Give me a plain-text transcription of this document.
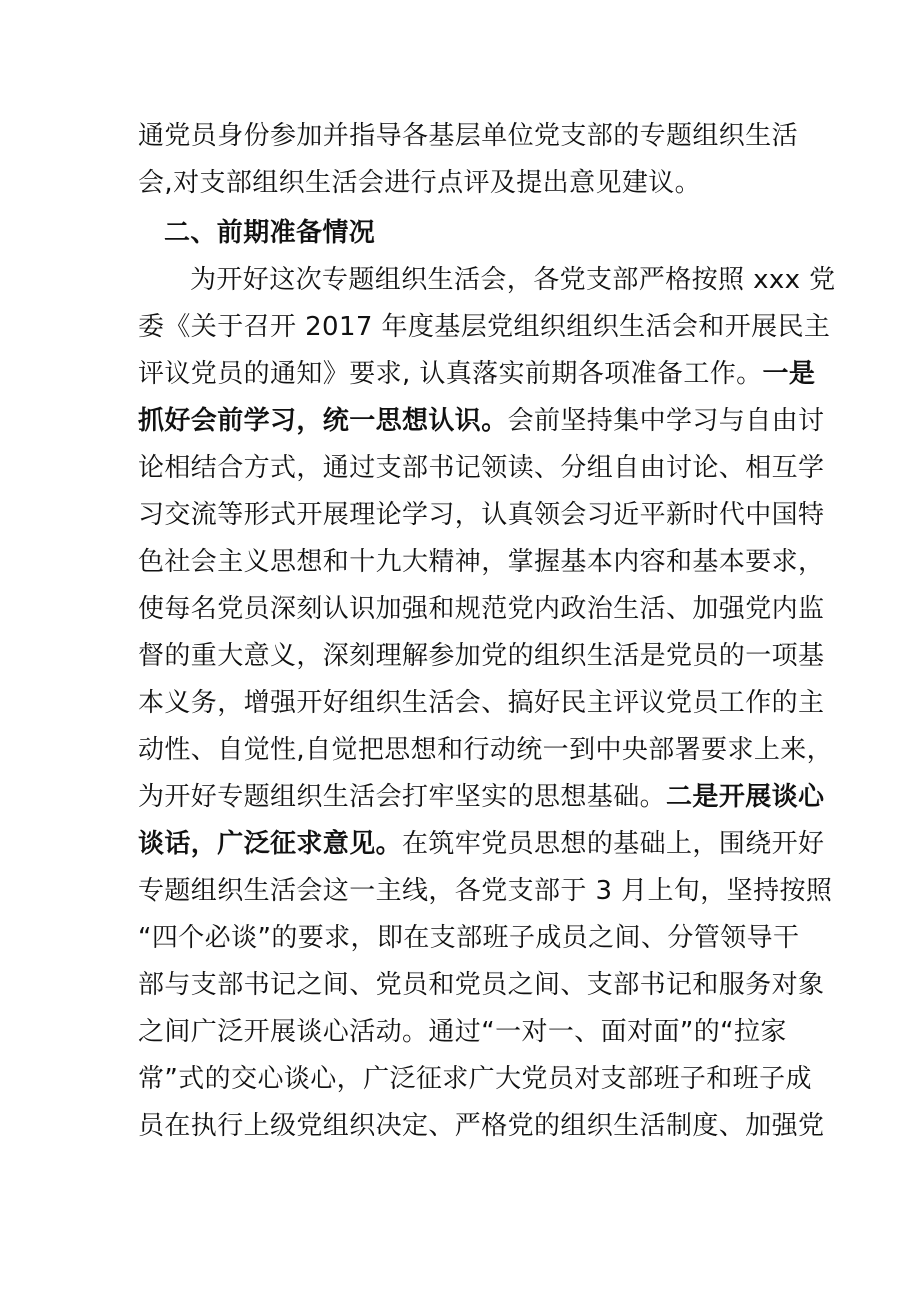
通党员身份参加并指导各基层单位党支部的专题组织生活
会,对支部组织生活会进行点评及提出意见建议。
二、前期准备情况
为开好这次专题组织生活会，各党支部严格按照 xxx 党
委《关于召开 2017 年度基层党组织组织生活会和开展民主
评议党员的通知》要求, 认真落实前期各项准备工作。一是
抓好会前学习，统一思想认识。会前坚持集中学习与自由讨
论相结合方式，通过支部书记领读、分组自由讨论、相互学
习交流等形式开展理论学习，认真领会习近平新时代中国特
色社会主义思想和十九大精神，掌握基本内容和基本要求，
使每名党员深刻认识加强和规范党内政治生活、加强党内监
督的重大意义，深刻理解参加党的组织生活是党员的一项基
本义务，增强开好组织生活会、搞好民主评议党员工作的主
动性、自觉性,自觉把思想和行动统一到中央部署要求上来，
为开好专题组织生活会打牢坚实的思想基础。二是开展谈心
谈话，广泛征求意见。在筑牢党员思想的基础上，围绕开好
专题组织生活会这一主线，各党支部于 3 月上旬，坚持按照
“四个必谈”的要求，即在支部班子成员之间、分管领导干
部与支部书记之间、党员和党员之间、支部书记和服务对象
之间广泛开展谈心活动。通过“一对一、面对面”的“拉家
常”式的交心谈心，广泛征求广大党员对支部班子和班子成
员在执行上级党组织决定、严格党的组织生活制度、加强党
